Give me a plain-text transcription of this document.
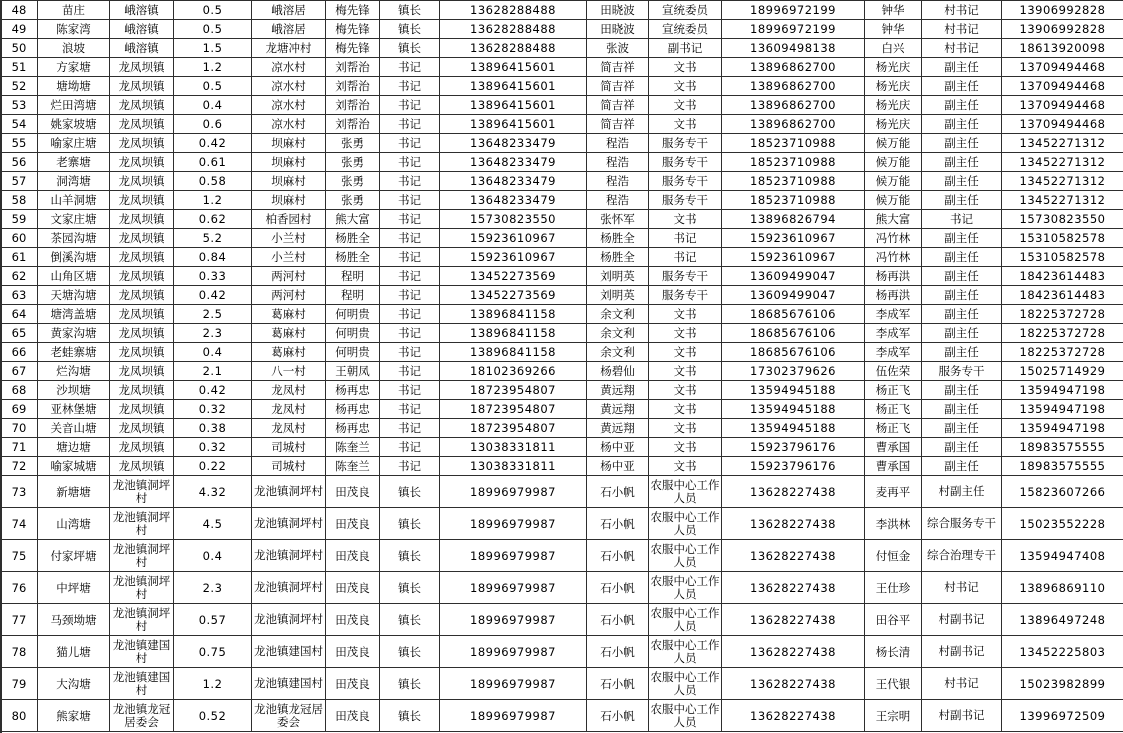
48	苗庄	峨溶镇	0.5	峨溶居	梅先锋	镇长	13628288488	田晓波	宣统委员	18996972199	钟华	村书记	13906992828
49	陈家湾	峨溶镇	0.5	峨溶居	梅先锋	镇长	13628288488	田晓波	宣统委员	18996972199	钟华	村书记	13906992828
50	浪坡	峨溶镇	1.5	龙塘冲村	梅先锋	镇长	13628288488	张波	副书记	13609498138	白兴	村书记	18613920098
51	方家塘	龙凤坝镇	1.2	凉水村	刘帮治	书记	13896415601	简吉祥	文书	13896862700	杨光庆	副主任	13709494468
52	塘坳塘	龙凤坝镇	0.5	凉水村	刘帮治	书记	13896415601	简吉祥	文书	13896862700	杨光庆	副主任	13709494468
53	烂田湾塘	龙凤坝镇	0.4	凉水村	刘帮治	书记	13896415601	简吉祥	文书	13896862700	杨光庆	副主任	13709494468
54	姚家坡塘	龙凤坝镇	0.6	凉水村	刘帮治	书记	13896415601	简吉祥	文书	13896862700	杨光庆	副主任	13709494468
55	喻家庄塘	龙凤坝镇	0.42	坝麻村	张勇	书记	13648233479	程浩	服务专干	18523710988	候万能	副主任	13452271312
56	老寨塘	龙凤坝镇	0.61	坝麻村	张勇	书记	13648233479	程浩	服务专干	18523710988	候万能	副主任	13452271312
57	洞湾塘	龙凤坝镇	0.58	坝麻村	张勇	书记	13648233479	程浩	服务专干	18523710988	候万能	副主任	13452271312
58	山羊洞塘	龙凤坝镇	1.2	坝麻村	张勇	书记	13648233479	程浩	服务专干	18523710988	候万能	副主任	13452271312
59	文家庄塘	龙凤坝镇	0.62	柏香园村	熊大富	书记	15730823550	张怀军	文书	13896826794	熊大富	书记	15730823550
60	茶园沟塘	龙凤坝镇	5.2	小兰村	杨胜全	书记	15923610967	杨胜全	书记	15923610967	冯竹林	副主任	15310582578
61	倒溪沟塘	龙凤坝镇	0.84	小兰村	杨胜全	书记	15923610967	杨胜全	书记	15923610967	冯竹林	副主任	15310582578
62	山角区塘	龙凤坝镇	0.33	两河村	程明	书记	13452273569	刘明英	服务专干	13609499047	杨再洪	副主任	18423614483
63	天塘沟塘	龙凤坝镇	0.42	两河村	程明	书记	13452273569	刘明英	服务专干	13609499047	杨再洪	副主任	18423614483
64	塘湾盖塘	龙凤坝镇	2.5	葛麻村	何明贵	书记	13896841158	余文利	文书	18685676106	李成军	副主任	18225372728
65	黄家沟塘	龙凤坝镇	2.3	葛麻村	何明贵	书记	13896841158	余文利	文书	18685676106	李成军	副主任	18225372728
66	老蛙寨塘	龙凤坝镇	0.4	葛麻村	何明贵	书记	13896841158	余文利	文书	18685676106	李成军	副主任	18225372728
67	烂沟塘	龙凤坝镇	2.1	八一村	王朝凤	书记	18102369266	杨碧仙	文书	17302379626	伍佐荣	服务专干	15025714929
68	沙坝塘	龙凤坝镇	0.42	龙凤村	杨再忠	书记	18723954807	黄远翔	文书	13594945188	杨正飞	副主任	13594947198
69	亚林堡塘	龙凤坝镇	0.32	龙凤村	杨再忠	书记	18723954807	黄远翔	文书	13594945188	杨正飞	副主任	13594947198
70	关音山塘	龙凤坝镇	0.38	龙凤村	杨再忠	书记	18723954807	黄远翔	文书	13594945188	杨正飞	副主任	13594947198
71	塘边塘	龙凤坝镇	0.32	司城村	陈奎兰	书记	13038331811	杨中亚	文书	15923796176	曹承国	副主任	18983575555
72	喻家城塘	龙凤坝镇	0.22	司城村	陈奎兰	书记	13038331811	杨中亚	文书	15923796176	曹承国	副主任	18983575555
73	新塘塘	龙池镇洞坪村	4.32	龙池镇洞坪村	田茂良	镇长	18996979987	石小帆	农服中心工作人员	13628227438	麦再平	村副主任	15823607266
74	山湾塘	龙池镇洞坪村	4.5	龙池镇洞坪村	田茂良	镇长	18996979987	石小帆	农服中心工作人员	13628227438	李洪林	综合服务专干	15023552228
75	付家坪塘	龙池镇洞坪村	0.4	龙池镇洞坪村	田茂良	镇长	18996979987	石小帆	农服中心工作人员	13628227438	付恒金	综合治理专干	13594947408
76	中坪塘	龙池镇洞坪村	2.3	龙池镇洞坪村	田茂良	镇长	18996979987	石小帆	农服中心工作人员	13628227438	王仕珍	村书记	13896869110
77	马颈坳塘	龙池镇洞坪村	0.57	龙池镇洞坪村	田茂良	镇长	18996979987	石小帆	农服中心工作人员	13628227438	田谷平	村副书记	13896497248
78	猫儿塘	龙池镇建国村	0.75	龙池镇建国村	田茂良	镇长	18996979987	石小帆	农服中心工作人员	13628227438	杨长清	村副书记	13452225803
79	大沟塘	龙池镇建国村	1.2	龙池镇建国村	田茂良	镇长	18996979987	石小帆	农服中心工作人员	13628227438	王代银	村书记	15023982899
80	熊家塘	龙池镇龙冠居委会	0.52	龙池镇龙冠居委会	田茂良	镇长	18996979987	石小帆	农服中心工作人员	13628227438	王宗明	村副书记	13996972509
